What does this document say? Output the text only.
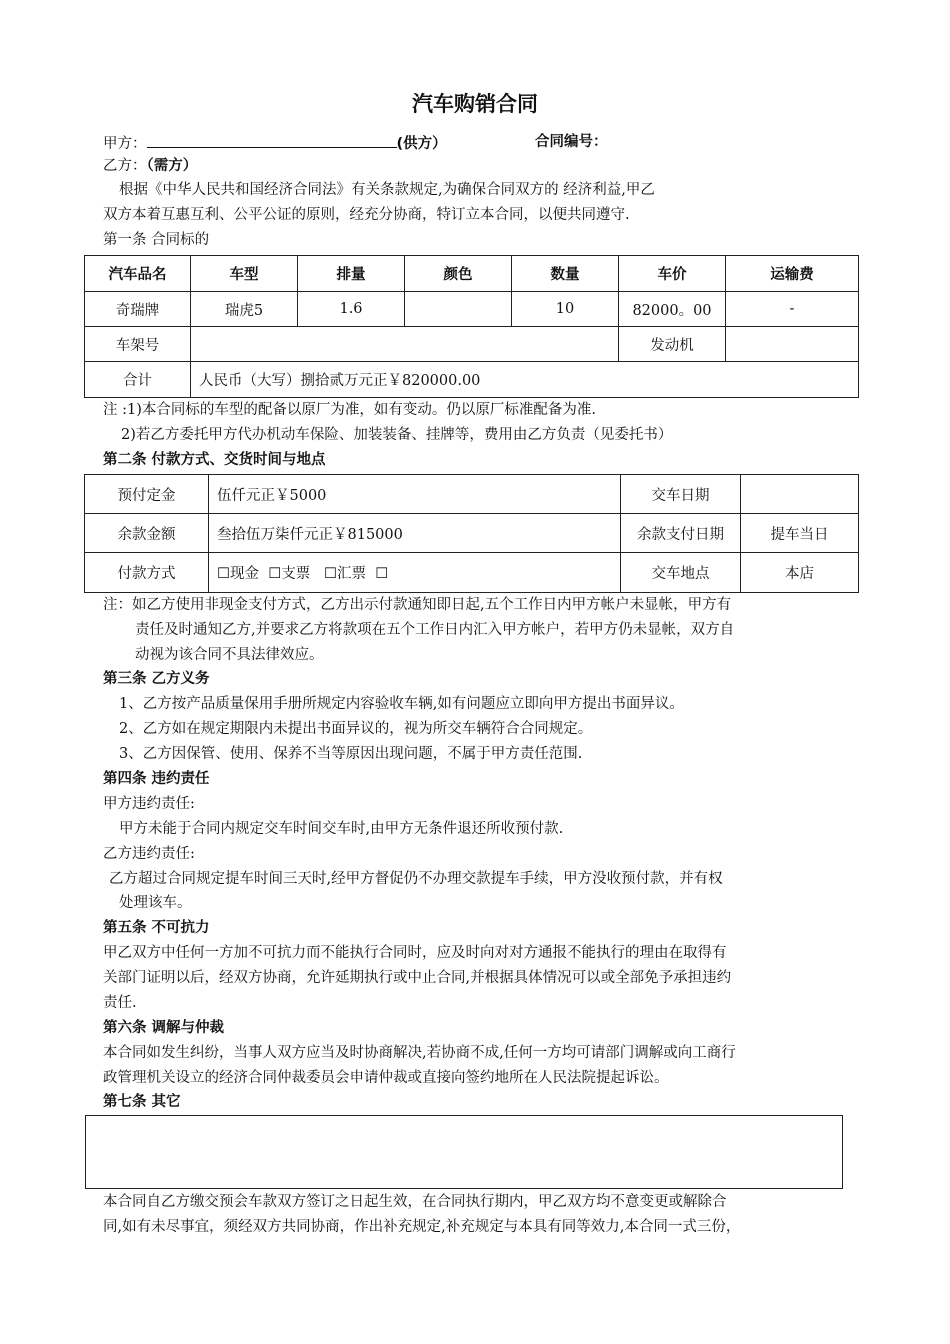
汽车购销合同
甲方：	(供方）	合同编号：
乙方：（需方）
根据《中华人民共和国经济合同法》有关条款规定,为确保合同双方的 经济利益,甲乙
双方本着互惠互利、公平公证的原则，经充分协商，特订立本合同，以便共同遵守.
第一条 合同标的
汽车品名	车型	排量	颜色	数量	车价	运输费
奇瑞牌	瑞虎5	1.6		10	82000。00	-
车架号					发动机	
合计	人民币（大写）捌拾贰万元正￥820000.00					
注 :1)本合同标的车型的配备以原厂为准，如有变动。仍以原厂标准配备为准.
2)若乙方委托甲方代办机动车保险、加装装备、挂牌等，费用由乙方负责（见委托书）
第二条 付款方式、交货时间与地点
预付定金	伍仟元正￥5000	交车日期	
余款金额	叁拾伍万柒仟元正￥815000	余款支付日期	提车当日
付款方式	☐现金  ☐支票   ☐汇票  ☐	交车地点	本店
注：如乙方使用非现金支付方式，乙方出示付款通知即日起,五个工作日内甲方帐户未显帐，甲方有
责任及时通知乙方,并要求乙方将款项在五个工作日内汇入甲方帐户，若甲方仍未显帐，双方自
动视为该合同不具法律效应。
第三条 乙方义务
1、乙方按产品质量保用手册所规定内容验收车辆,如有问题应立即向甲方提出书面异议。
2、乙方如在规定期限内未提出书面异议的，视为所交车辆符合合同规定。
3、乙方因保管、使用、保养不当等原因出现问题，不属于甲方责任范围.
第四条 违约责任
甲方违约责任:
甲方未能于合同内规定交车时间交车时,由甲方无条件退还所收预付款.
乙方违约责任:
乙方超过合同规定提车时间三天时,经甲方督促仍不办理交款提车手续，甲方没收预付款，并有权
处理该车。
第五条 不可抗力
甲乙双方中任何一方加不可抗力而不能执行合同时，应及时向对对方通报不能执行的理由在取得有
关部门证明以后，经双方协商，允许延期执行或中止合同,并根据具体情况可以或全部免予承担违约
责任.
第六条 调解与仲裁
本合同如发生纠纷，当事人双方应当及时协商解决,若协商不成,任何一方均可请部门调解或向工商行
政管理机关设立的经济合同仲裁委员会申请仲裁或直接向签约地所在人民法院提起诉讼。
第七条 其它
本合同自乙方缴交预会车款双方签订之日起生效，在合同执行期内，甲乙双方均不意变更或解除合
同,如有未尽事宜，须经双方共同协商，作出补充规定,补充规定与本具有同等效力,本合同一式三份，
